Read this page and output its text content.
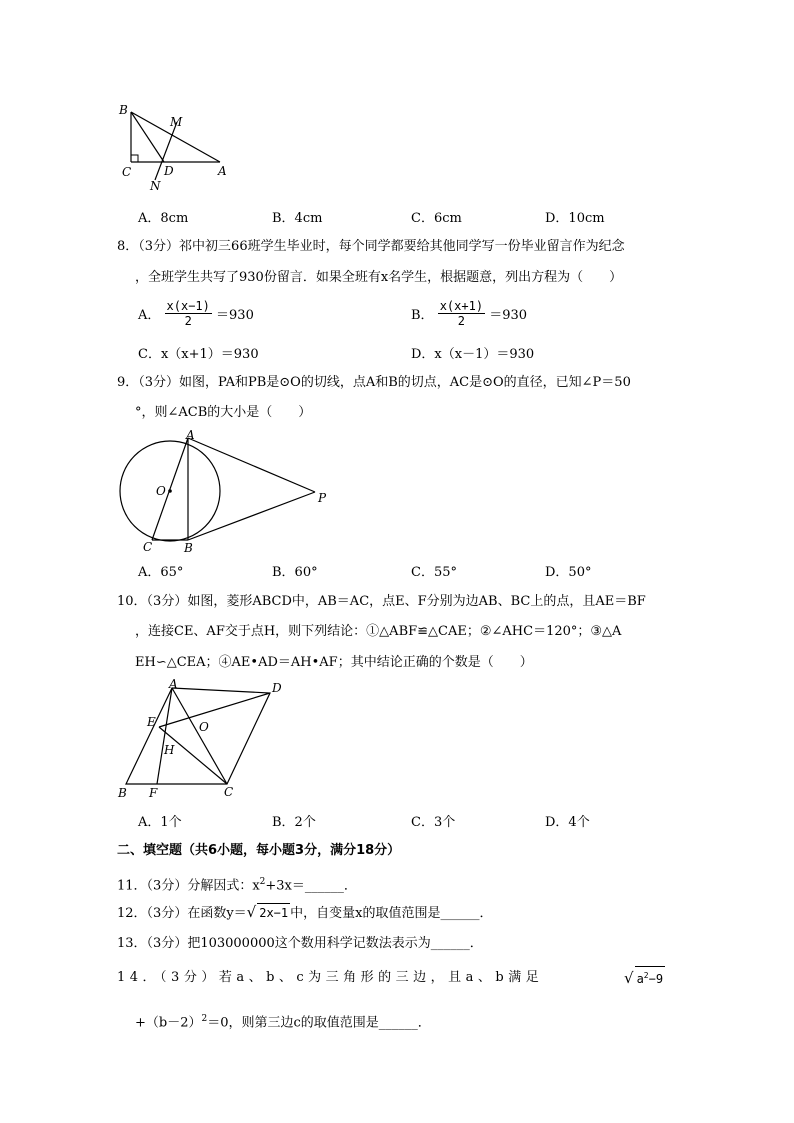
B
M
C	D	A
N
A．8cm	B．4cm	C．6cm	D．10cm
8．（3分）祁中初三66班学生毕业时，每个同学都要给其他同学写一份毕业留言作为纪念
，全班学生共写了930份留言．如果全班有x名学生，根据题意，列出方程为（　　）
A． $\frac{x(x-1)}{2} =930$	B． $\frac{x(x+1)}{2} =930$
C．x（x+1）＝930	D．x（x－1）＝930
9．（3分）如图，PA和PB是⊙O的切线，点A和B的切点，AC是⊙O的直径，已知∠P＝50
°，则∠ACB的大小是（　　）
A
O	P
C	B
A．65°	B．60°	C．55°	D．50°
10．（3分）如图，菱形ABCD中，AB＝AC，点E、F分别为边AB、BC上的点，且AE＝BF
，连接CE、AF交于点H，则下列结论：①△ABF≌△CAE；②∠AHC＝120°；③△A
EH∽△CEA；④AE•AD＝AH•AF；其中结论正确的个数是（　　）
A	D
E	O
H
B F	C
A．1个	B．2个	C．3个	D．4个
二、填空题（共6小题，每小题3分，满分18分）
11．（3分）分解因式：$x^2+3x=\_\_\_\_\_\_$．
12．（3分）在函数y＝√ 2x−1 中，自变量x的取值范围是______．
13．（3分）把103000000这个数用科学记数法表示为______．
14．（3分）若a、b、c为三角形的三边，且a、b满足	√ $a^2-9$
$+(b-2)^2=0$，则第三边c的取值范围是______．
